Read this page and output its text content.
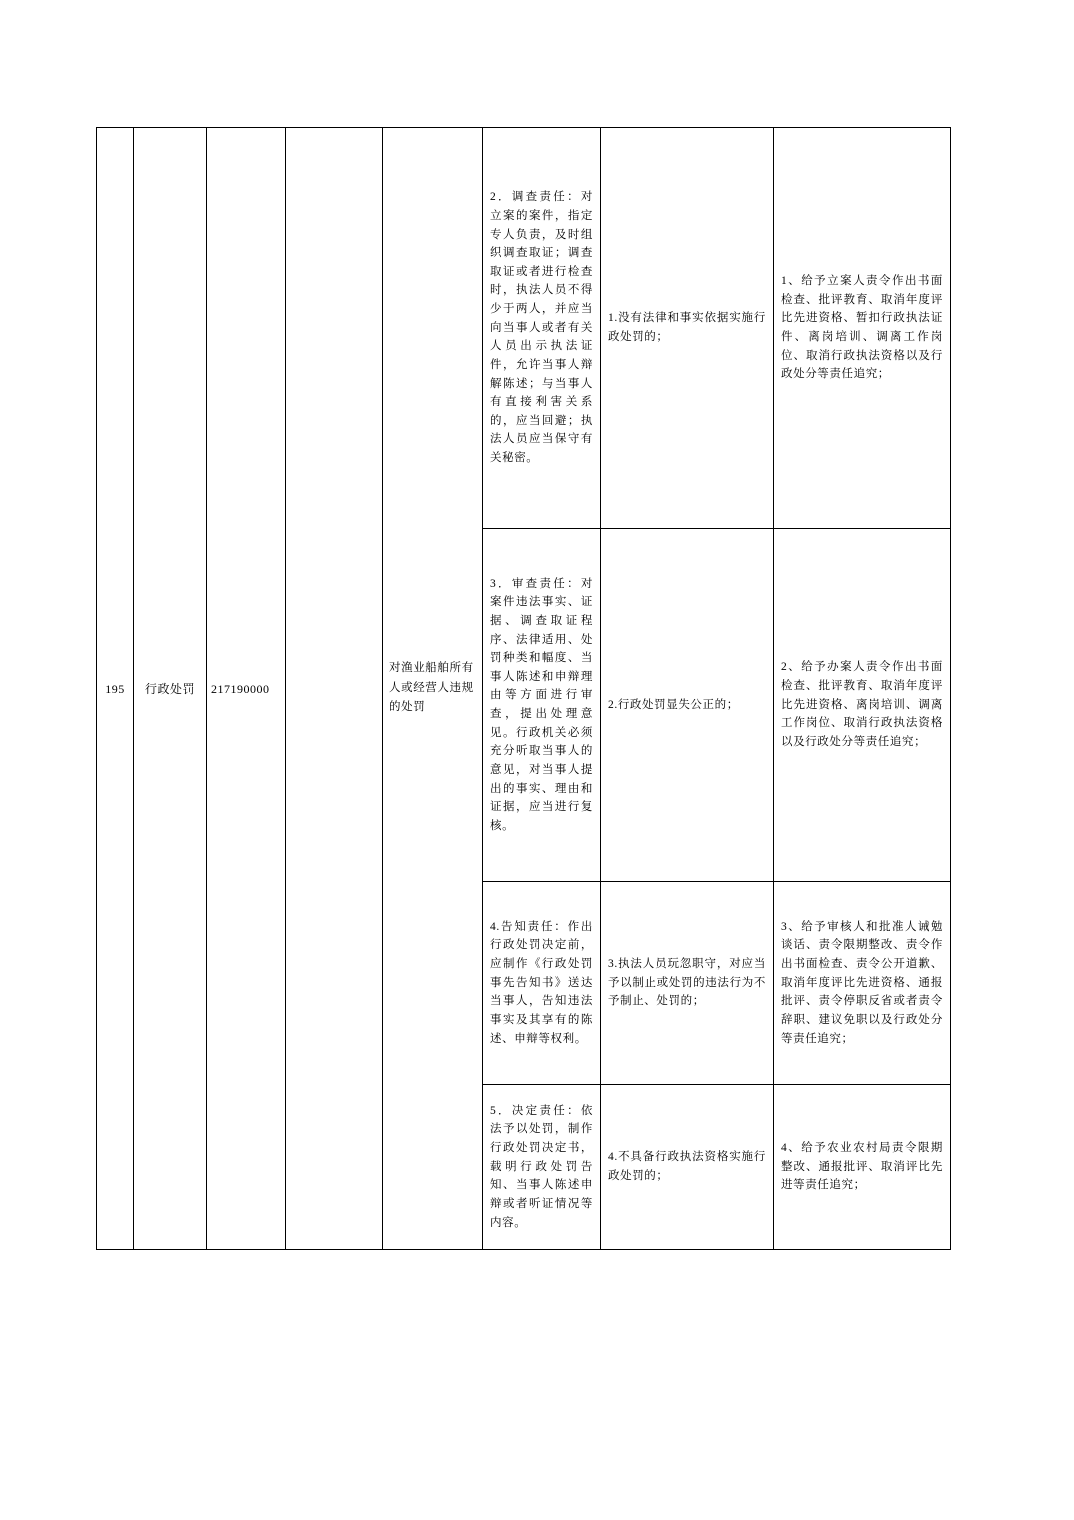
195	行政处罚	217190000		对渔业船舶所有人或经营人违规的处罚	2．调查责任：对立案的案件，指定专人负责，及时组织调查取证；调查取证或者进行检查时，执法人员不得少于两人，并应当向当事人或者有关人员出示执法证件，允许当事人辩解陈述；与当事人有直接利害关系的，应当回避；执法人员应当保守有关秘密。	1.没有法律和事实依据实施行政处罚的；	1、给予立案人责令作出书面检查、批评教育、取消年度评比先进资格、暂扣行政执法证件、离岗培训、调离工作岗位、取消行政执法资格以及行政处分等责任追究；

					3．审查责任：对案件违法事实、证据、调查取证程序、法律适用、处罚种类和幅度、当事人陈述和申辩理由等方面进行审查，提出处理意见。行政机关必须充分听取当事人的意见，对当事人提出的事实、理由和证据，应当进行复核。	2.行政处罚显失公正的；	2、给予办案人责令作出书面检查、批评教育、取消年度评比先进资格、离岗培训、调离工作岗位、取消行政执法资格以及行政处分等责任追究；

					4.告知责任：作出行政处罚决定前，应制作《行政处罚事先告知书》送达当事人，告知违法事实及其享有的陈述、申辩等权利。	3.执法人员玩忽职守，对应当予以制止或处罚的违法行为不予制止、处罚的；	3、给予审核人和批准人诫勉谈话、责令限期整改、责令作出书面检查、责令公开道歉、取消年度评比先进资格、通报批评、责令停职反省或者责令辞职、建议免职以及行政处分等责任追究；

					5．决定责任：依法予以处罚，制作行政处罚决定书，载明行政处罚告知、当事人陈述申辩或者听证情况等内容。	4.不具备行政执法资格实施行政处罚的；	4、给予农业农村局责令限期整改、通报批评、取消评比先进等责任追究；
